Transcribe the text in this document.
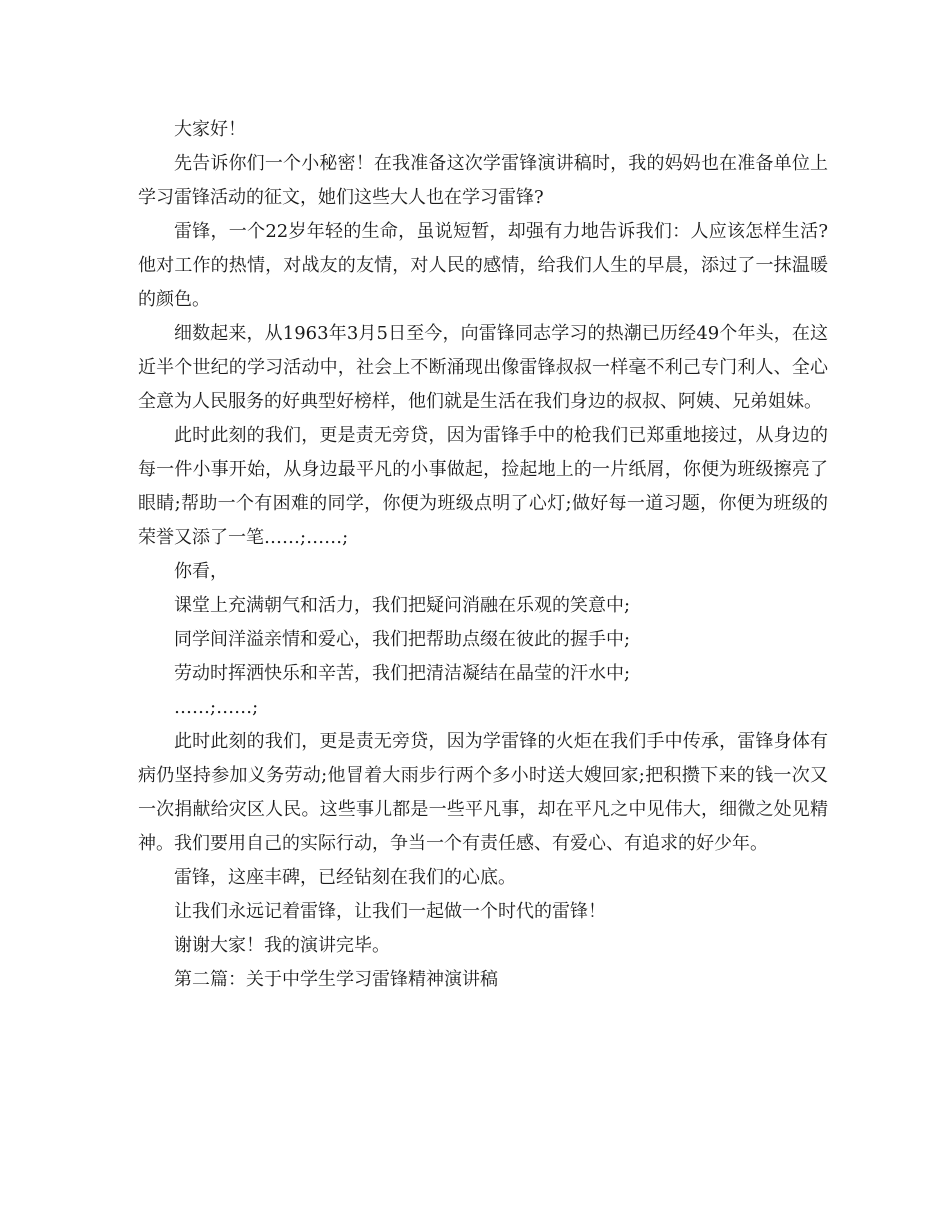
大家好！

先告诉你们一个小秘密！在我准备这次学雷锋演讲稿时，我的妈妈也在准备单位上学习雷锋活动的征文，她们这些大人也在学习雷锋?

雷锋，一个22岁年轻的生命，虽说短暂，却强有力地告诉我们：人应该怎样生活?他对工作的热情，对战友的友情，对人民的感情，给我们人生的早晨，添过了一抹温暖的颜色。

细数起来，从1963年3月5日至今，向雷锋同志学习的热潮已历经49个年头，在这近半个世纪的学习活动中，社会上不断涌现出像雷锋叔叔一样毫不利己专门利人、全心全意为人民服务的好典型好榜样，他们就是生活在我们身边的叔叔、阿姨、兄弟姐妹。

此时此刻的我们，更是责无旁贷，因为雷锋手中的枪我们已郑重地接过，从身边的每一件小事开始，从身边最平凡的小事做起，捡起地上的一片纸屑，你便为班级擦亮了眼睛;帮助一个有困难的同学，你便为班级点明了心灯;做好每一道习题，你便为班级的荣誉又添了一笔……;……;

你看，

课堂上充满朝气和活力，我们把疑问消融在乐观的笑意中;

同学间洋溢亲情和爱心，我们把帮助点缀在彼此的握手中;

劳动时挥洒快乐和辛苦，我们把清洁凝结在晶莹的汗水中;

……;……;

此时此刻的我们，更是责无旁贷，因为学雷锋的火炬在我们手中传承，雷锋身体有病仍坚持参加义务劳动;他冒着大雨步行两个多小时送大嫂回家;把积攒下来的钱一次又一次捐献给灾区人民。这些事儿都是一些平凡事，却在平凡之中见伟大，细微之处见精神。我们要用自己的实际行动，争当一个有责任感、有爱心、有追求的好少年。

雷锋，这座丰碑，已经钻刻在我们的心底。

让我们永远记着雷锋，让我们一起做一个时代的雷锋！

谢谢大家！我的演讲完毕。

第二篇：关于中学生学习雷锋精神演讲稿
